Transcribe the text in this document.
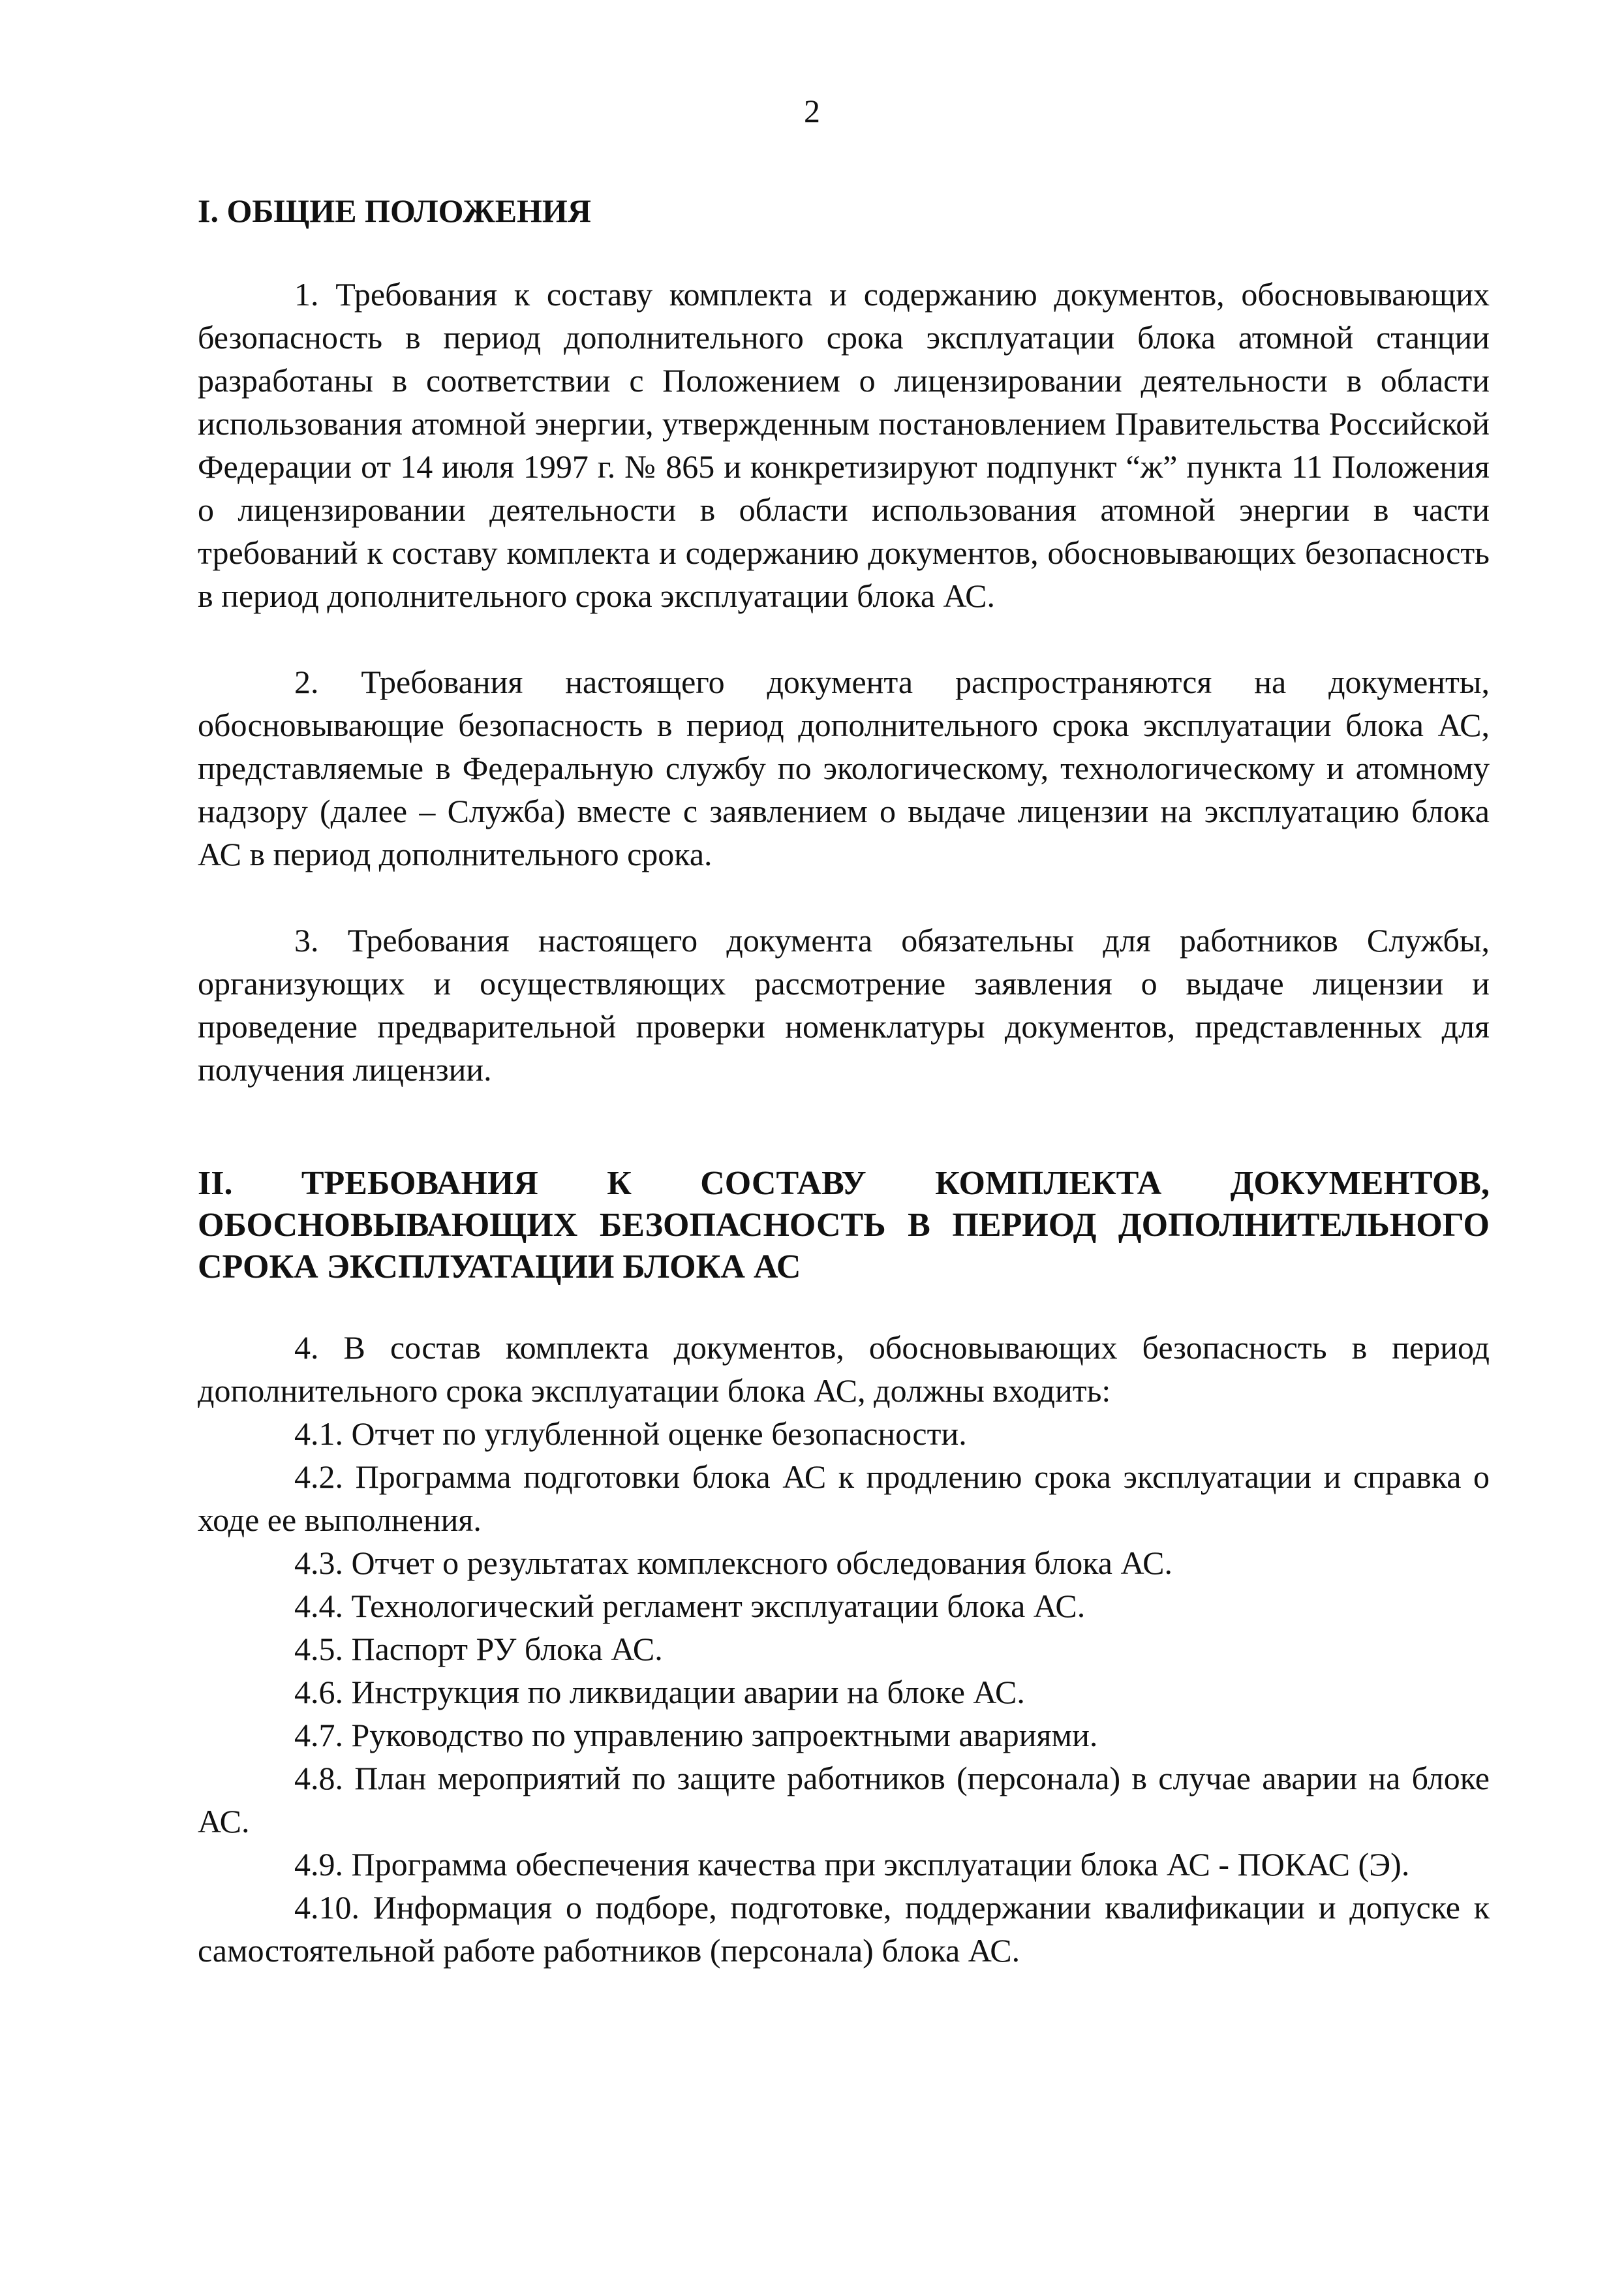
2
I. ОБЩИЕ ПОЛОЖЕНИЯ

1. Требования к составу комплекта и содержанию документов, обосновывающих безопасность в период дополнительного срока эксплуатации блока атомной станции разработаны в соответствии с Положением о лицензировании деятельности в области использования атомной энергии, утвержденным постановлением Правительства Российской Федерации от 14 июля 1997 г. № 865 и конкретизируют подпункт “ж” пункта 11 Положения о лицензировании деятельности в области использования атомной энергии в части требований к составу комплекта и содержанию документов, обосновывающих безопасность в период дополнительного срока эксплуатации блока АС.

2. Требования настоящего документа распространяются на документы, обосновывающие безопасность в период дополнительного срока эксплуатации блока АС, представляемые в Федеральную службу по экологическому, технологическому и атомному надзору (далее – Служба) вместе с заявлением о выдаче лицензии на эксплуатацию блока АС в период дополнительного срока.

3. Требования настоящего документа обязательны для работников Службы, организующих и осуществляющих рассмотрение заявления о выдаче лицензии и проведение предварительной проверки номенклатуры документов, представленных для получения лицензии.

II. ТРЕБОВАНИЯ К СОСТАВУ КОМПЛЕКТА ДОКУМЕНТОВ,
ОБОСНОВЫВАЮЩИХ БЕЗОПАСНОСТЬ В ПЕРИОД ДОПОЛНИТЕЛЬНОГО СРОКА ЭКСПЛУАТАЦИИ БЛОКА АС

4. В состав комплекта документов, обосновывающих безопасность в период дополнительного срока эксплуатации блока АС, должны входить:

4.1. Отчет по углубленной оценке безопасности.

4.2. Программа подготовки блока АС к продлению срока эксплуатации и справка о ходе ее выполнения.

4.3. Отчет о результатах комплексного обследования блока АС.

4.4. Технологический регламент эксплуатации блока АС.

4.5. Паспорт РУ блока АС.

4.6. Инструкция по ликвидации аварии на блоке АС.

4.7. Руководство по управлению запроектными авариями.

4.8. План мероприятий по защите работников (персонала) в случае аварии на блоке АС.

4.9. Программа обеспечения качества при эксплуатации блока АС - ПОКАС (Э).

4.10. Информация о подборе, подготовке, поддержании квалификации и допуске к самостоятельной работе работников (персонала) блока АС.
